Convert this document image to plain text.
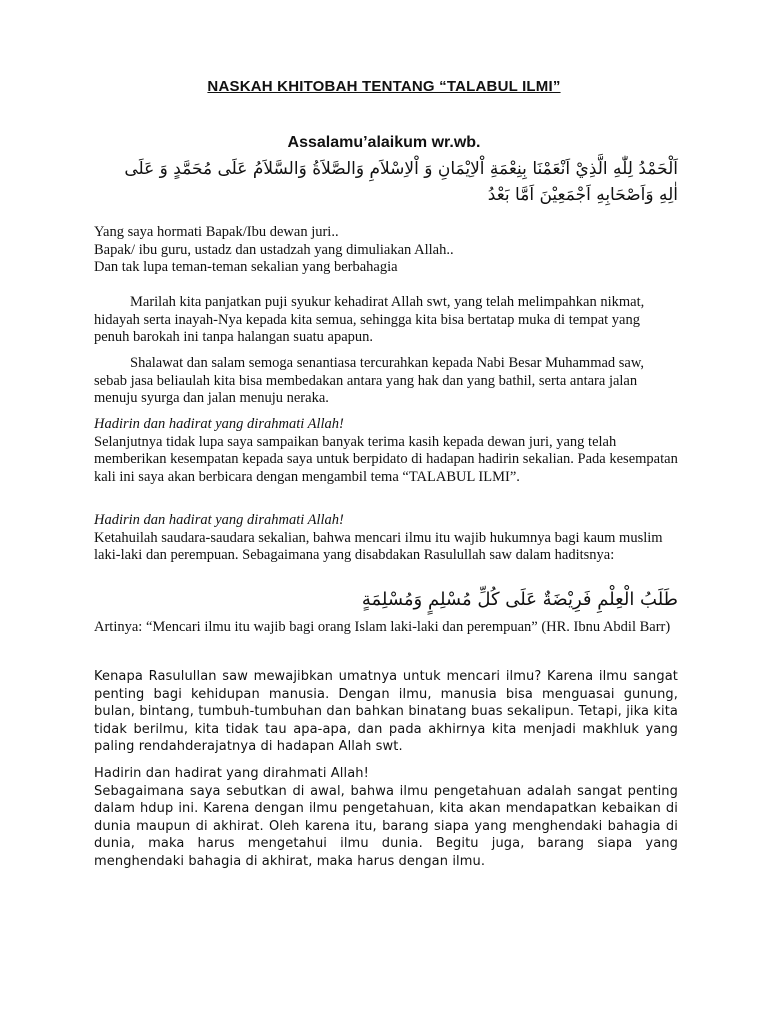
NASKAH KHITOBAH TENTANG “TALABUL ILMI”
Assalamu’alaikum wr.wb.
اَلْحَمْدُ لِلّٰهِ الَّذِيْ اَنْعَمْنَا بِنِعْمَةِ اْلاِيْمَانِ وَ اْلاِسْلاَمِ وَالصَّلاَةُ وَالسَّلاَمُ عَلَى مُحَمَّدٍ وَ عَلَى
اٰلِهِ وَاَصْحَابِهِ اَجْمَعِيْنَ اَمَّا بَعْدُ

Yang saya hormati Bapak/Ibu dewan juri..

Bapak/ ibu guru, ustadz dan ustadzah yang dimuliakan Allah..

Dan tak lupa teman-teman sekalian yang berbahagia

Marilah kita panjatkan puji syukur kehadirat Allah swt, yang telah melimpahkan nikmat, hidayah serta inayah-Nya kepada kita semua, sehingga kita bisa bertatap muka di tempat yang penuh barokah ini tanpa halangan suatu apapun.

Shalawat dan salam semoga senantiasa tercurahkan kepada Nabi Besar Muhammad saw, sebab jasa beliaulah kita bisa membedakan antara yang hak dan yang bathil, serta antara jalan menuju syurga dan jalan menuju neraka.

Hadirin dan hadirat yang dirahmati Allah!

Selanjutnya tidak lupa saya sampaikan banyak terima kasih kepada dewan juri, yang telah memberikan kesempatan kepada saya untuk berpidato di hadapan hadirin sekalian. Pada kesempatan kali ini saya akan berbicara dengan mengambil tema “TALABUL ILMI”.

Hadirin dan hadirat yang dirahmati Allah!

Ketahuilah saudara-saudara sekalian, bahwa mencari ilmu itu wajib hukumnya bagi kaum muslim laki-laki dan perempuan. Sebagaimana yang disabdakan Rasulullah saw dalam haditsnya:

طَلَبُ الْعِلْمِ فَرِيْضَةٌ عَلَى كُلِّ مُسْلِمٍ وَمُسْلِمَةٍ

Artinya: “Mencari ilmu itu wajib bagi orang Islam laki-laki dan perempuan” (HR. Ibnu Abdil Barr)

Kenapa Rasulullan saw mewajibkan umatnya untuk mencari ilmu? Karena ilmu sangat penting bagi kehidupan manusia. Dengan ilmu, manusia bisa menguasai gunung, bulan, bintang, tumbuh-tumbuhan dan bahkan binatang buas sekalipun. Tetapi, jika kita tidak berilmu, kita tidak tau apa-apa, dan pada akhirnya kita menjadi makhluk yang paling rendahderajatnya di hadapan Allah swt.

Hadirin dan hadirat yang dirahmati Allah!

Sebagaimana saya sebutkan di awal, bahwa ilmu pengetahuan adalah sangat penting dalam hdup ini. Karena dengan ilmu pengetahuan, kita akan mendapatkan kebaikan di dunia maupun di akhirat. Oleh karena itu, barang siapa yang menghendaki bahagia di dunia, maka harus mengetahui ilmu dunia. Begitu juga, barang siapa yang menghendaki bahagia di akhirat, maka harus dengan ilmu.
